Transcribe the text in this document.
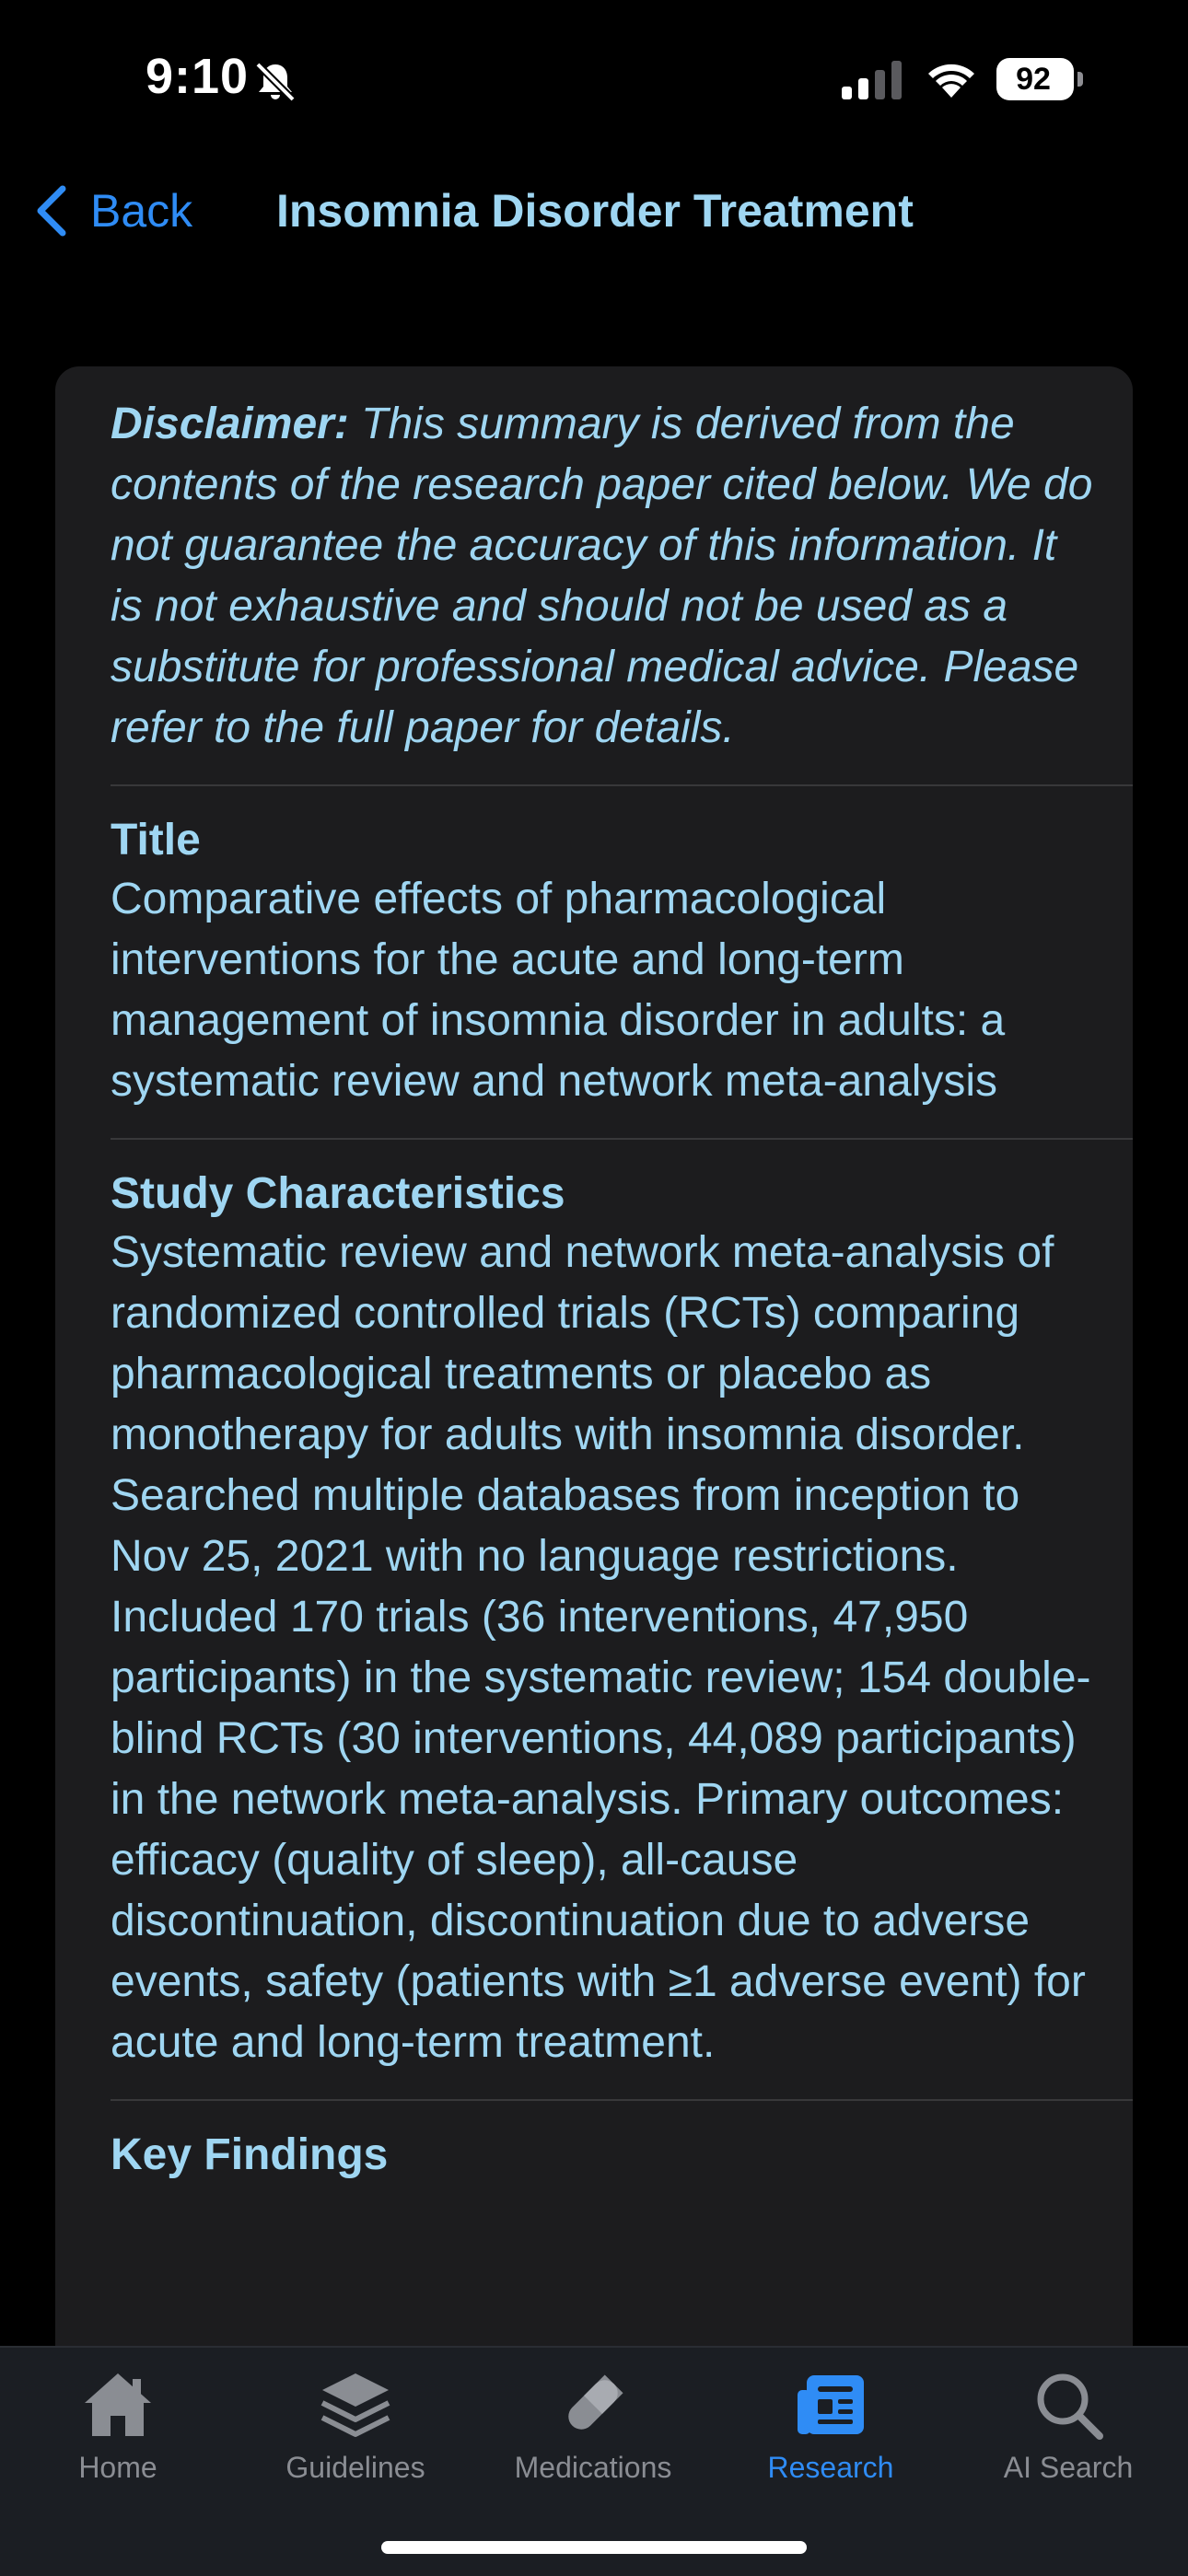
9:10	92
Back Insomnia Disorder Treatment

Disclaimer: This summary is derived from the contents of the research paper cited below. We do not guarantee the accuracy of this information. It is not exhaustive and should not be used as a substitute for professional medical advice. Please refer to the full paper for details.

Title

Comparative effects of pharmacological interventions for the acute and long-term management of insomnia disorder in adults: a systematic review and network meta-analysis

Study Characteristics

Systematic review and network meta-analysis of randomized controlled trials (RCTs) comparing pharmacological treatments or placebo as monotherapy for adults with insomnia disorder. Searched multiple databases from inception to Nov 25, 2021 with no language restrictions. Included 170 trials (36 interventions, 47,950 participants) in the systematic review; 154 double-blind RCTs (30 interventions, 44,089 participants) in the network meta-analysis. Primary outcomes: efficacy (quality of sleep), all-cause discontinuation, discontinuation due to adverse events, safety (patients with ≥1 adverse event) for acute and long-term treatment.

Key Findings
Home	Guidelines	Medications	Research	AI Search
